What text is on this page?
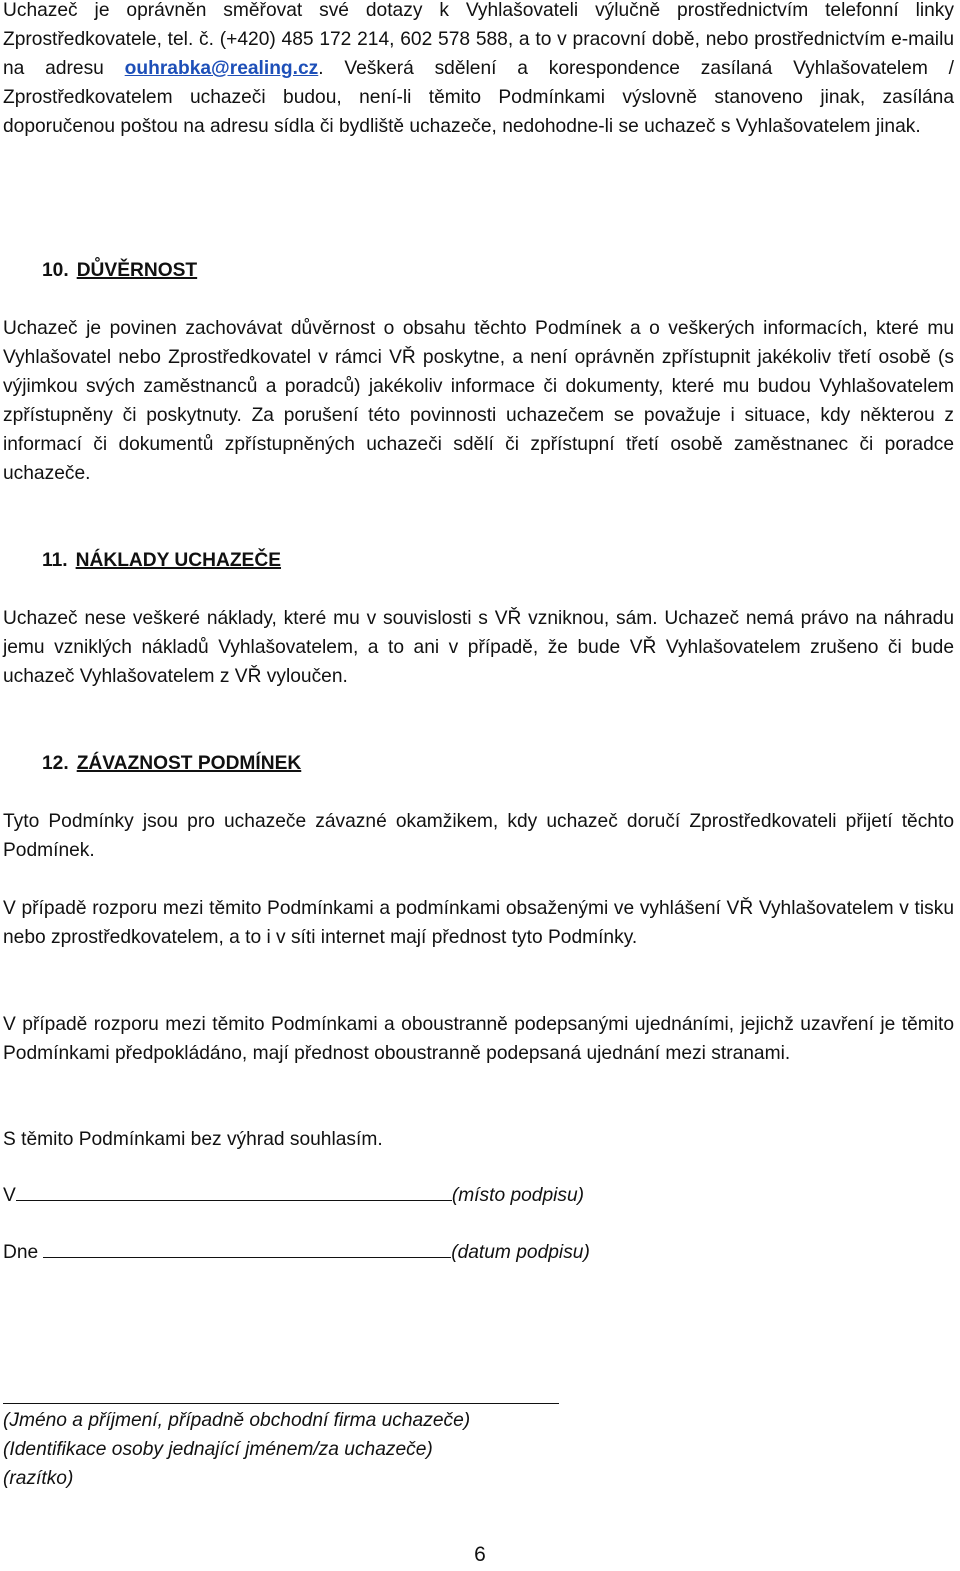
Uchazeč je oprávněn směřovat své dotazy k Vyhlašovateli výlučně prostřednictvím telefonní linky Zprostředkovatele, tel. č. (+420) 485 172 214, 602 578 588, a to v pracovní době, nebo prostřednictvím e-mailu na adresu ouhrabka@realing.cz. Veškerá sdělení a korespondence zasílaná Vyhlašovatelem / Zprostředkovatelem uchazeči budou, není-li těmito Podmínkami výslovně stanoveno jinak, zasílána doporučenou poštou na adresu sídla či bydliště uchazeče, nedohodne-li se uchazeč s Vyhlašovatelem jinak.

10. DŮVĚRNOST

Uchazeč je povinen zachovávat důvěrnost o obsahu těchto Podmínek a o veškerých informacích, které mu Vyhlašovatel nebo Zprostředkovatel v rámci VŘ poskytne, a není oprávněn zpřístupnit jakékoliv třetí osobě (s výjimkou svých zaměstnanců a poradců) jakékoliv informace či dokumenty, které mu budou Vyhlašovatelem zpřístupněny či poskytnuty. Za porušení této povinnosti uchazečem se považuje i situace, kdy některou z informací či dokumentů zpřístupněných uchazeči sdělí či zpřístupní třetí osobě zaměstnanec či poradce uchazeče.

11. NÁKLADY UCHAZEČE

Uchazeč nese veškeré náklady, které mu v souvislosti s VŘ vzniknou, sám. Uchazeč nemá právo na náhradu jemu vzniklých nákladů Vyhlašovatelem, a to ani v případě, že bude VŘ Vyhlašovatelem zrušeno či bude uchazeč Vyhlašovatelem z VŘ vyloučen.

12. ZÁVAZNOST PODMÍNEK

Tyto Podmínky jsou pro uchazeče závazné okamžikem, kdy uchazeč doručí Zprostředkovateli přijetí těchto Podmínek.

V případě rozporu mezi těmito Podmínkami a podmínkami obsaženými ve vyhlášení VŘ Vyhlašovatelem v tisku nebo zprostředkovatelem, a to i v síti internet mají přednost tyto Podmínky.

V případě rozporu mezi těmito Podmínkami a oboustranně podepsanými ujednáními, jejichž uzavření je těmito Podmínkami předpokládáno, mají přednost oboustranně podepsaná ujednání mezi stranami.

S těmito Podmínkami bez výhrad souhlasím.

V	(místo podpisu)
Dne	(datum podpisu)
(Jméno a příjmení, případně obchodní firma uchazeče)
(Identifikace osoby jednající jménem/za uchazeče)
(razítko)
6
